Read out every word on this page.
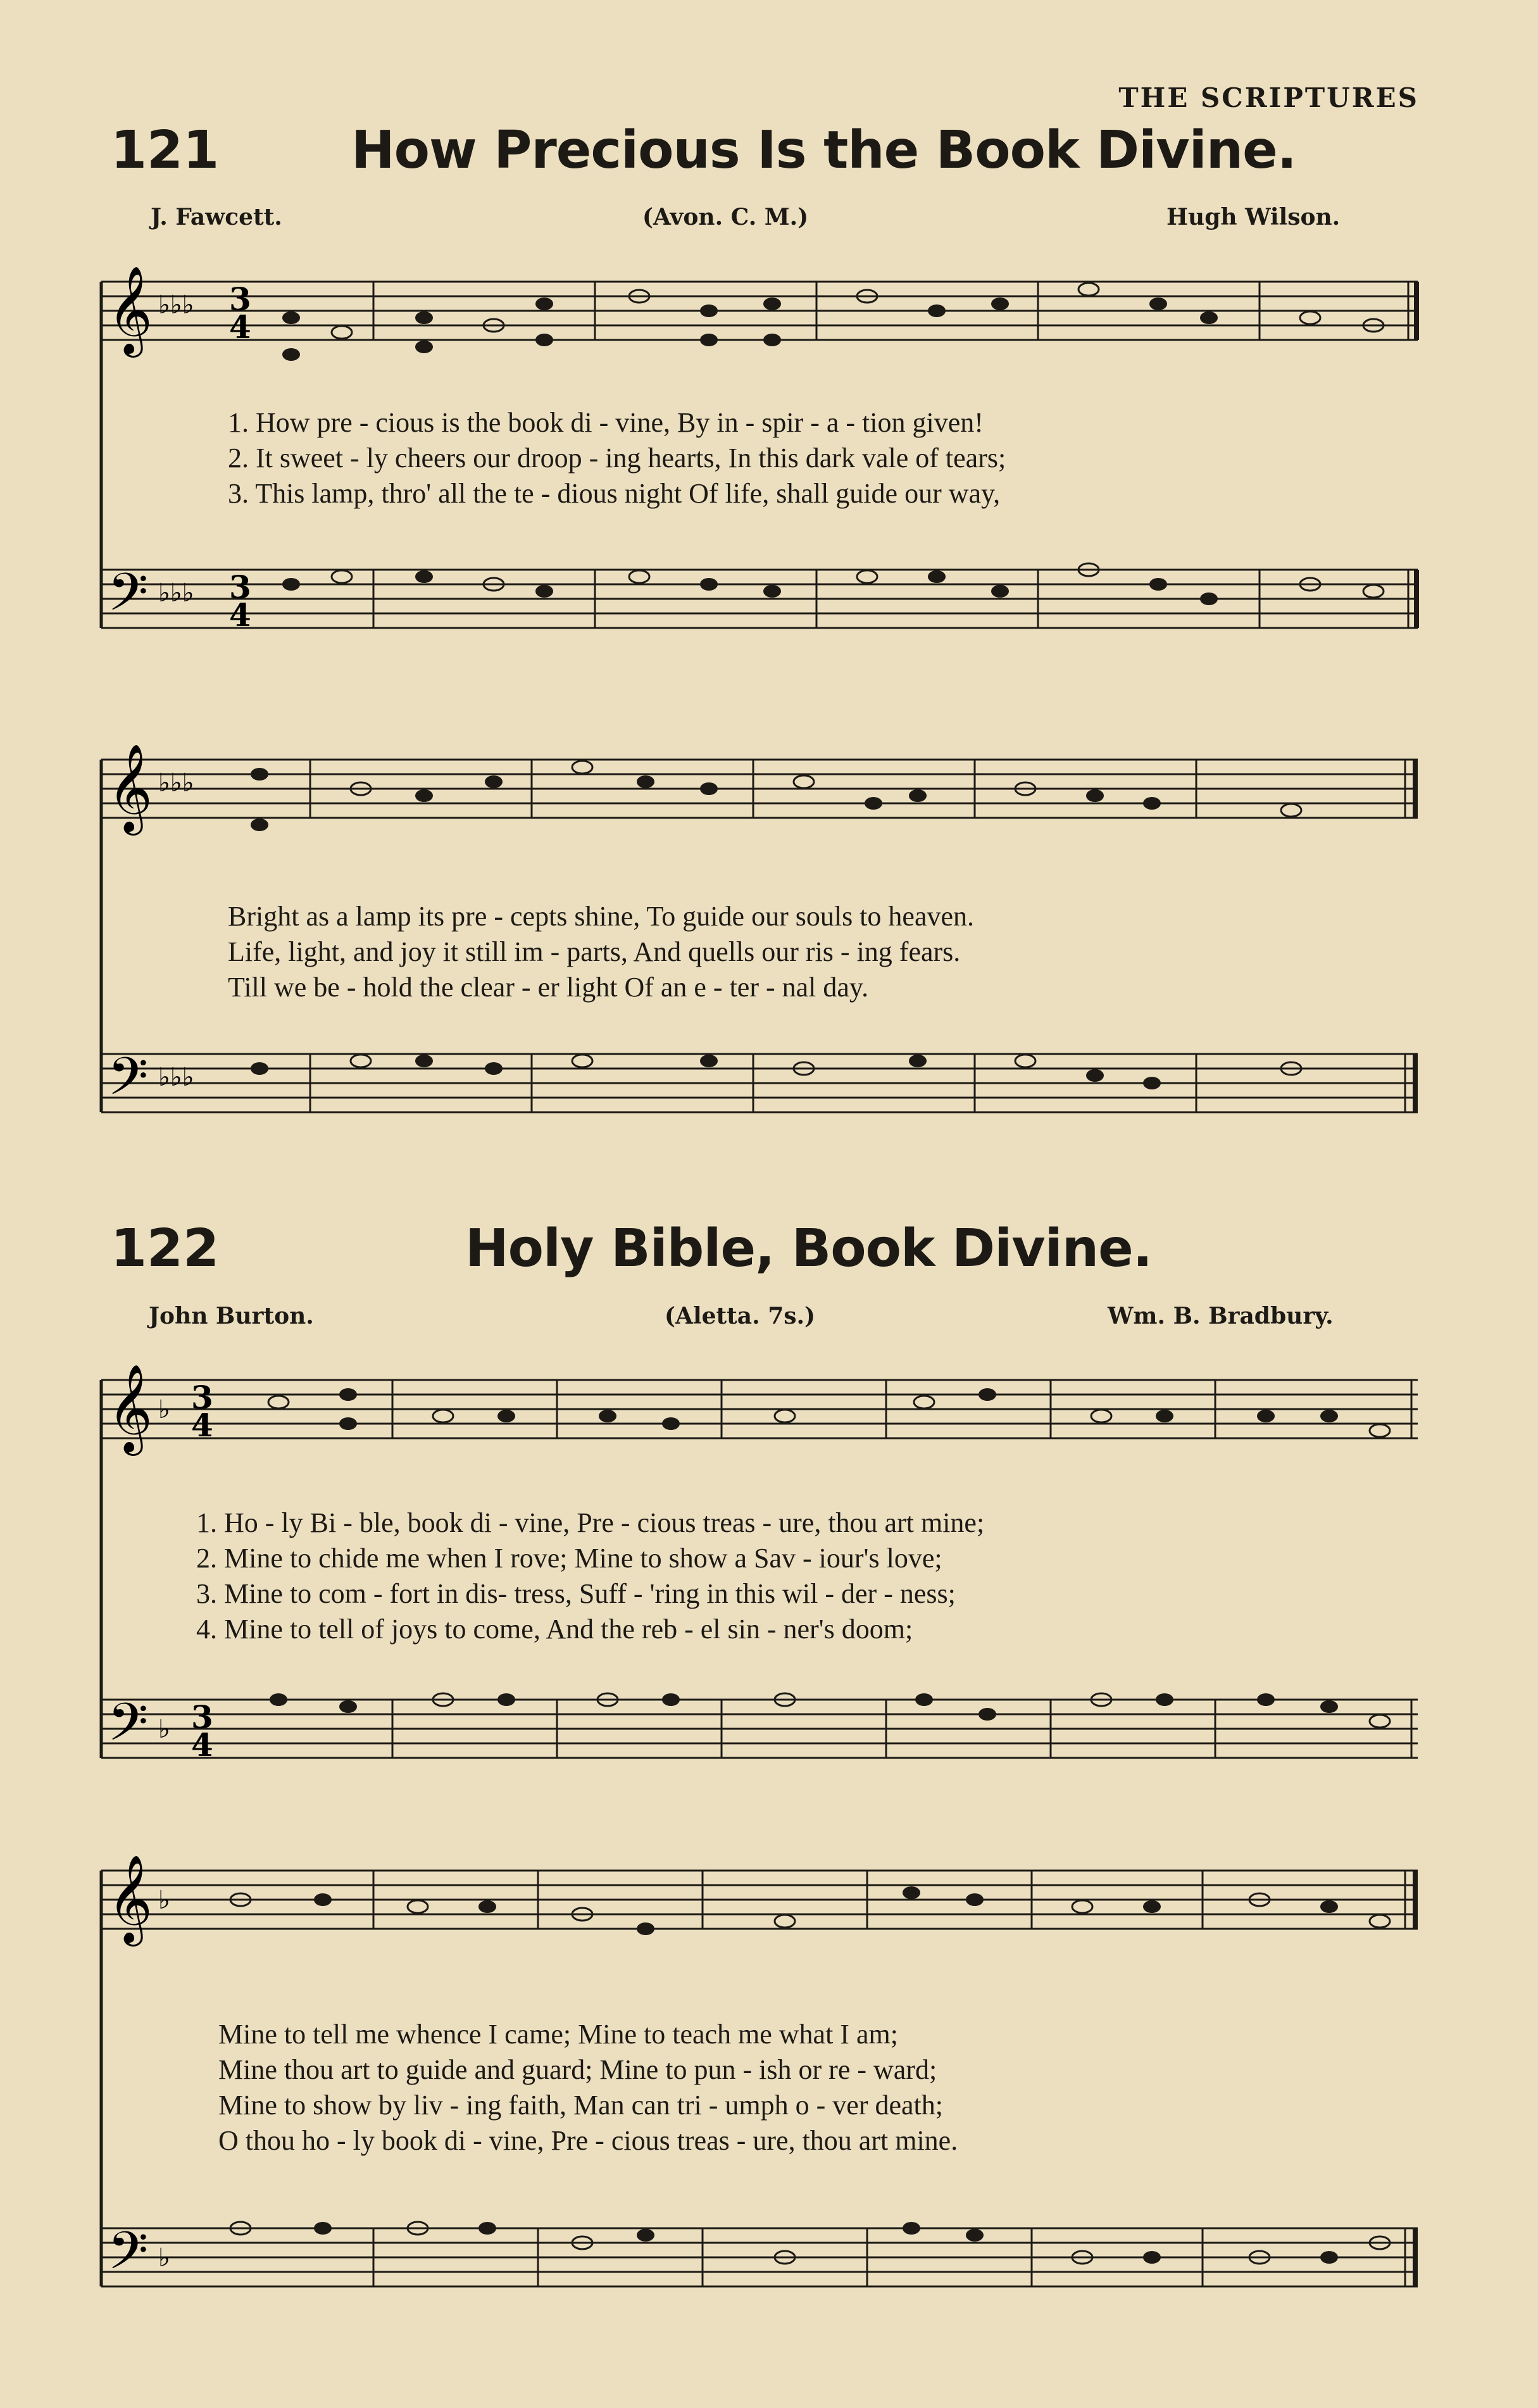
THE SCRIPTURES
121	How Precious Is the Book Divine.
J. Fawcett.	(Avon. C. M.)	Hugh Wilson.
𝄞
𝄢
♭♭♭
♭♭♭
3
4
3
4
1. How pre - cious is the book di - vine, By in - spir - a - tion given!
2. It sweet - ly cheers our droop - ing hearts, In this dark vale of tears;
3. This lamp, thro' all the te - dious night Of life, shall guide our way,
𝄞
𝄢
♭♭♭
♭♭♭
Bright as a lamp its pre - cepts shine, To guide our souls to heaven.
Life, light, and joy it still im - parts, And quells our ris - ing fears.
Till we be - hold the clear - er light Of an e - ter - nal day.
122	Holy Bible, Book Divine.
John Burton.	(Aletta. 7s.)	Wm. B. Bradbury.
𝄞
𝄢
♭
♭
3
4
3
4
1. Ho - ly Bi - ble, book di - vine, Pre - cious treas - ure, thou art mine;
2. Mine to chide me when I rove; Mine to show a Sav - iour's love;
3. Mine to com - fort in dis- tress, Suff - 'ring in this wil - der - ness;
4. Mine to tell of joys to come, And the reb - el sin - ner's doom;
𝄞
𝄢
♭
♭
Mine to tell me whence I came; Mine to teach me what I am;
Mine thou art to guide and guard; Mine to pun - ish or re - ward;
Mine to show by liv - ing faith, Man can tri - umph o - ver death;
O thou ho - ly book di - vine, Pre - cious treas - ure, thou art mine.
